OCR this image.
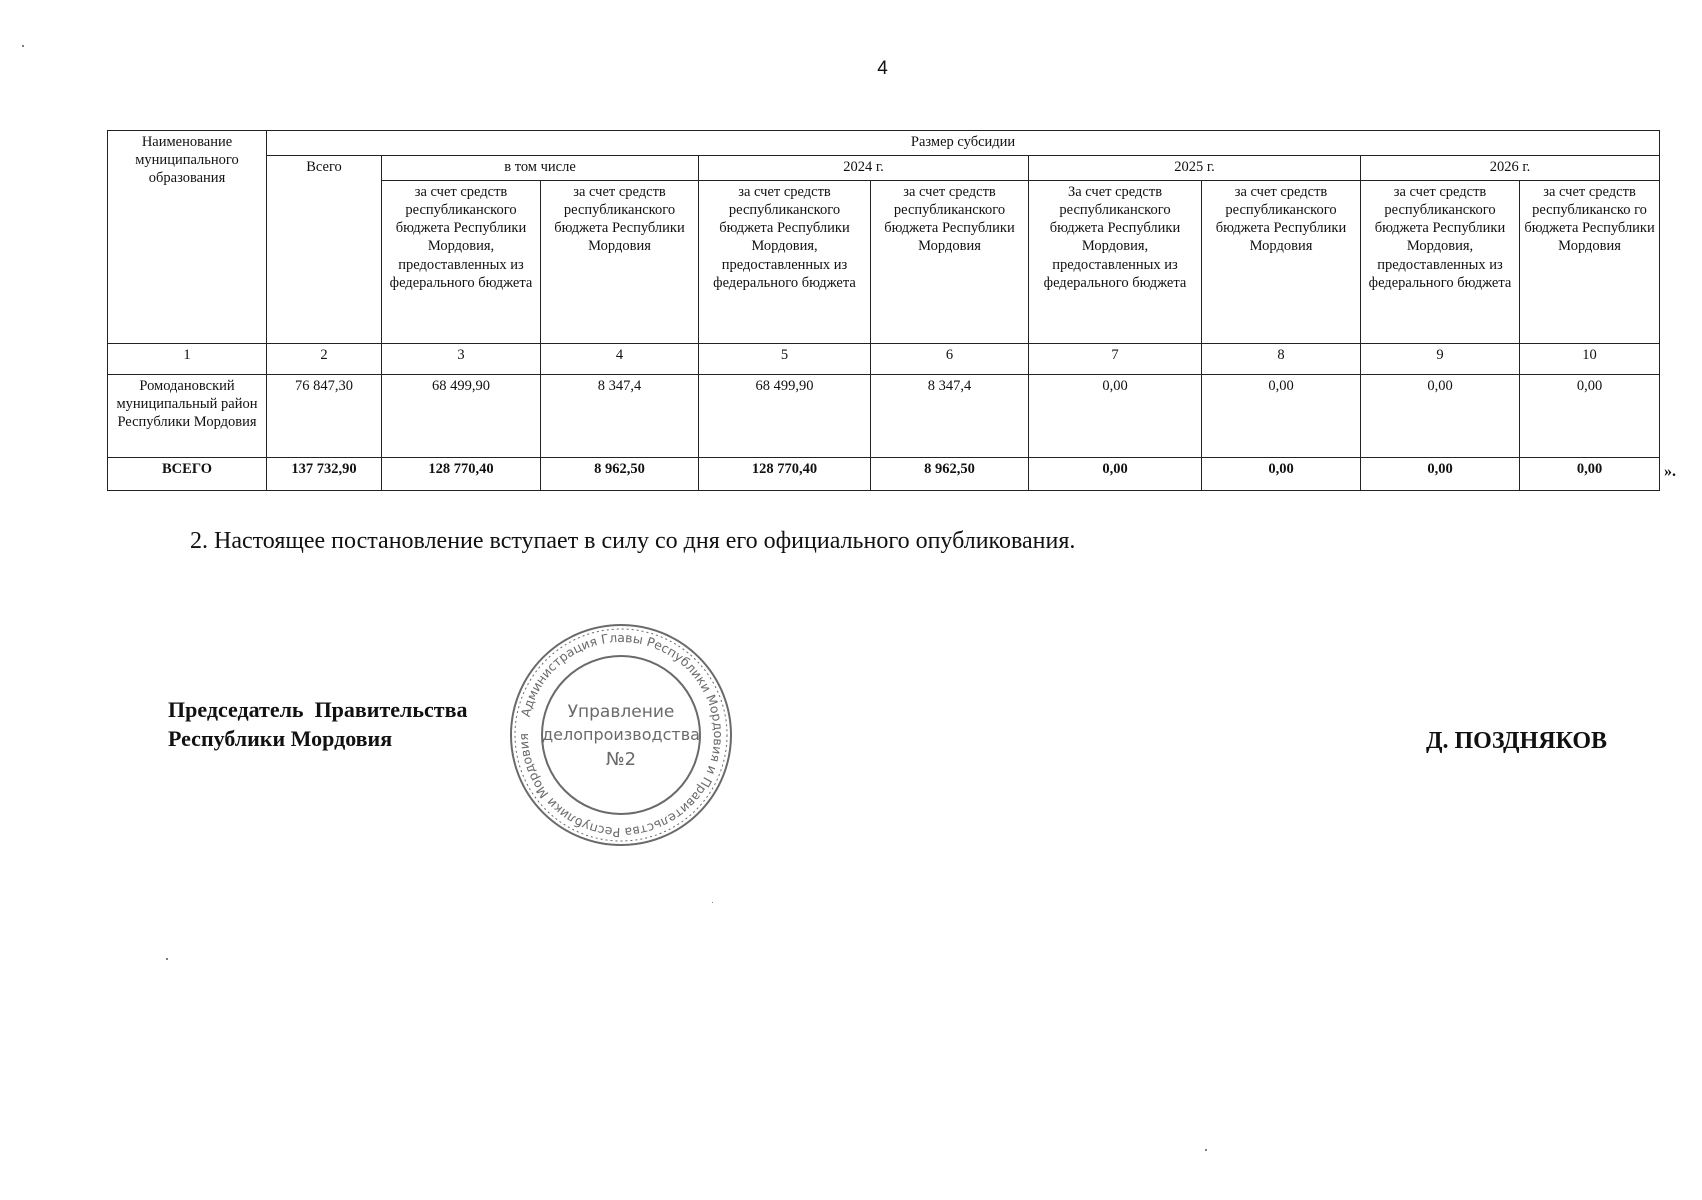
4
Наименование муниципального образования	Размер субсидии								
	Всего	в том числе		2024 г.		2025 г.		2026 г.	
		за счет средств республиканского бюджета Республики Мордовия, предоставленных из федерального бюджета	за счет средств республиканского бюджета Республики Мордовия	за счет средств республиканского бюджета Республики Мордовия, предоставленных из федерального бюджета	за счет средств республиканского бюджета Республики Мордовия	За счет средств республиканского бюджета Республики Мордовия, предоставленных из федерального бюджета	за счет средств республиканского бюджета Республики Мордовия	за счет средств республиканского бюджета Республики Мордовия, предоставленных из федерального бюджета	за счет средств республиканско го бюджета Республики Мордовия
1	2	3	4	5	6	7	8	9	10
Ромодановский муниципальный район Республики Мордовия	76 847,30	68 499,90	8 347,4	68 499,90	8 347,4	0,00	0,00	0,00	0,00
ВСЕГО	137 732,90	128 770,40	8 962,50	128 770,40	8 962,50	0,00	0,00	0,00	0,00	».
2. Настоящее постановление вступает в силу со дня его официального опубликования.
Председатель  Правительства
Республики Мордовия	Д. ПОЗДНЯКОВ
Администрация Главы Республики Мордовия и Правительства Республики Мордовия
Управление
делопроизводства
№2
